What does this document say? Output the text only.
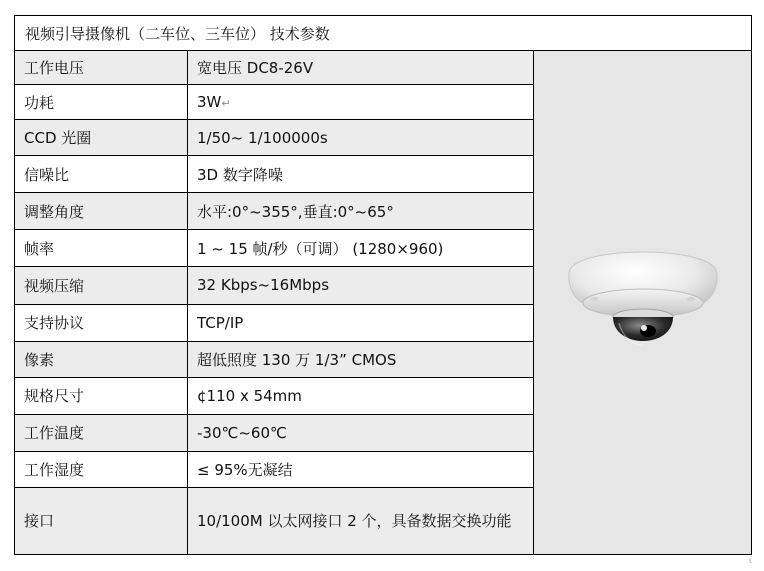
视频引导摄像机（二车位、三车位） 技术参数		
工作电压	宽电压 DC8-26V	
功耗	3W↵	
CCD 光圈	1/50~ 1/100000s	
信噪比	3D 数字降噪	
调整角度	水平:0°~355°,垂直:0°~65°	
帧率	1 ~ 15 帧/秒（可调） (1280×960)	
视频压缩	32 Kbps~16Mbps	
支持协议	TCP/IP	
像素	超低照度 130 万 1/3” CMOS	
规格尺寸	¢110 x 54mm	
工作温度	-30℃~60℃	
工作湿度	≤ 95%无凝结	
接口	10/100M 以太网接口 2 个，具备数据交换功能	
ι
